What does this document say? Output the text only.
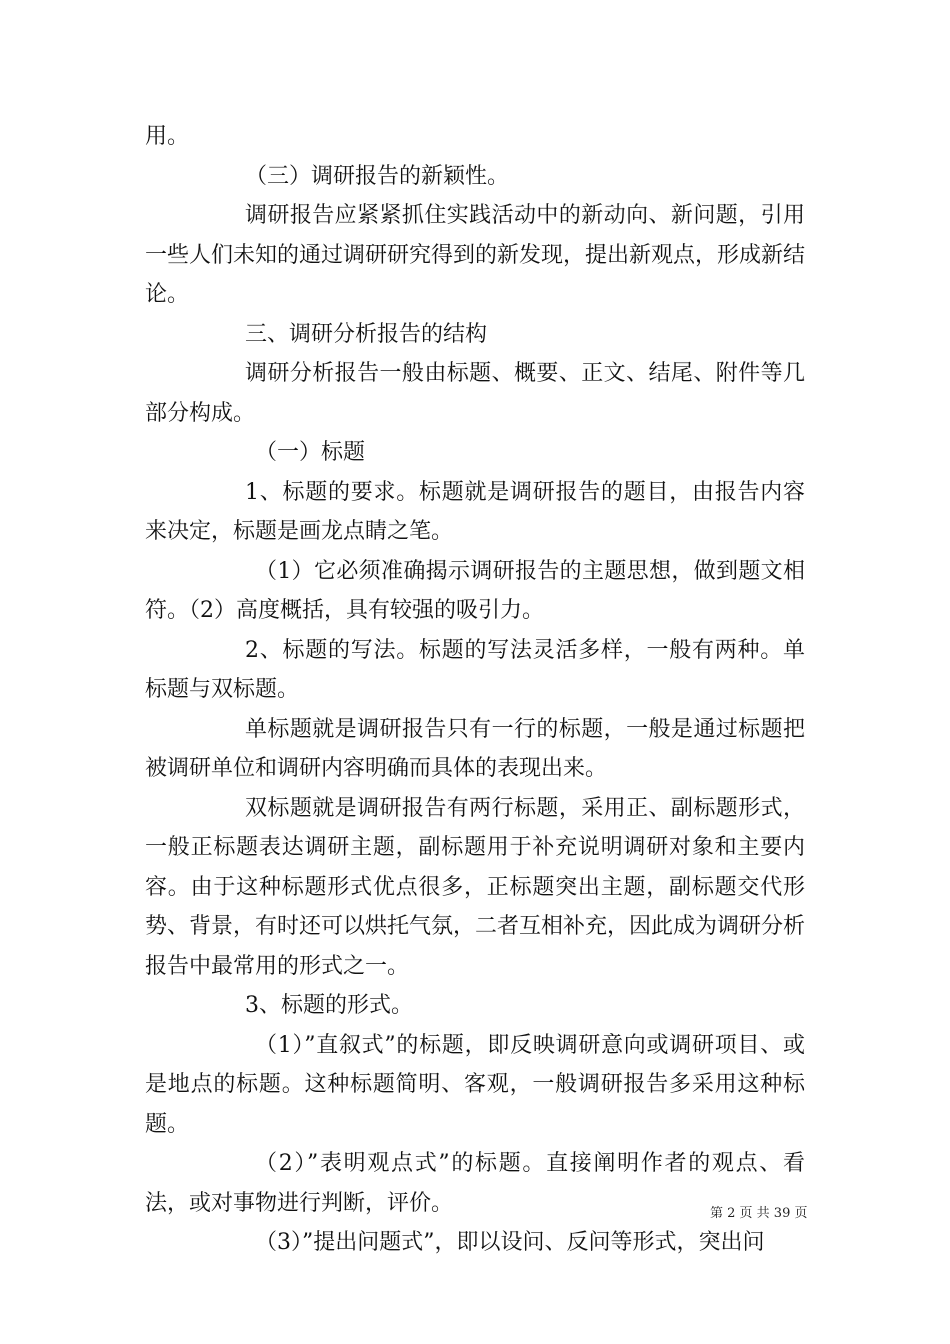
用。

（三）调研报告的新颖性。

调研报告应紧紧抓住实践活动中的新动向、新问题，引用一些人们未知的通过调研研究得到的新发现，提出新观点，形成新结论。

三、调研分析报告的结构

调研分析报告一般由标题、概要、正文、结尾、附件等几部分构成。

（一）标题

1、标题的要求。标题就是调研报告的题目，由报告内容来决定，标题是画龙点睛之笔。

（1）它必须准确揭示调研报告的主题思想，做到题文相符。（2）高度概括，具有较强的吸引力。

2、标题的写法。标题的写法灵活多样，一般有两种。单标题与双标题。

单标题就是调研报告只有一行的标题，一般是通过标题把被调研单位和调研内容明确而具体的表现出来。

双标题就是调研报告有两行标题，采用正、副标题形式，一般正标题表达调研主题，副标题用于补充说明调研对象和主要内容。由于这种标题形式优点很多，正标题突出主题，副标题交代形势、背景，有时还可以烘托气氛，二者互相补充，因此成为调研分析报告中最常用的形式之一。

3、标题的形式。

（1）”直叙式”的标题，即反映调研意向或调研项目、或是地点的标题。这种标题简明、客观，一般调研报告多采用这种标题。

（2）”表明观点式”的标题。直接阐明作者的观点、看法，或对事物进行判断，评价。

（3）”提出问题式”，即以设问、反问等形式，突出问

第 2 页 共 39 页
